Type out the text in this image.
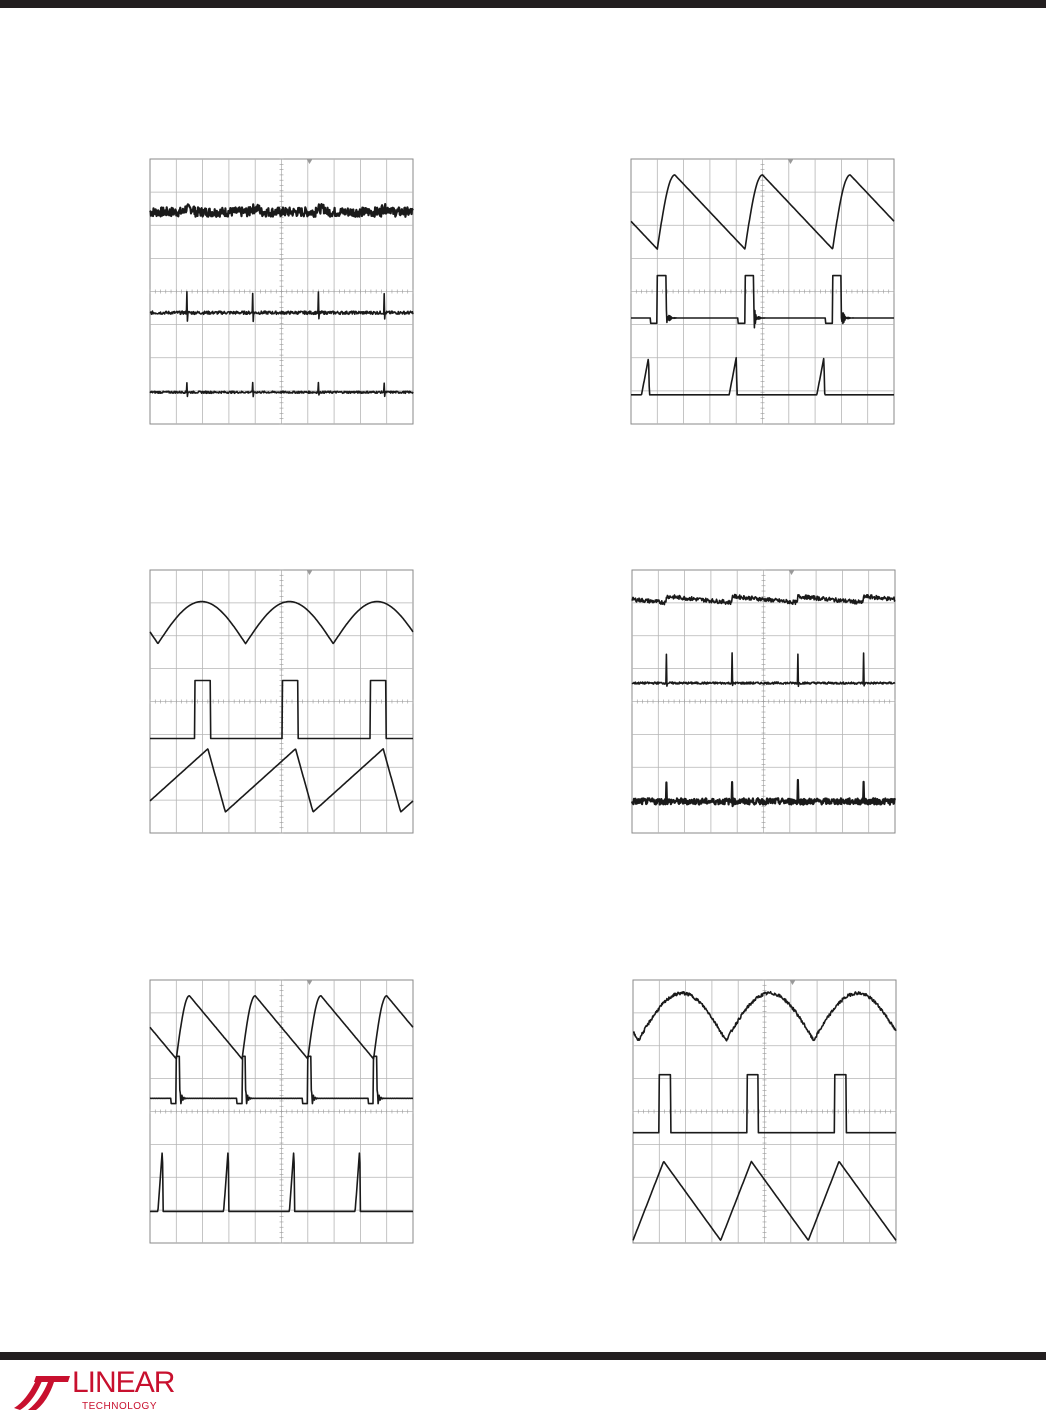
LINEAR
TECHNOLOGY
